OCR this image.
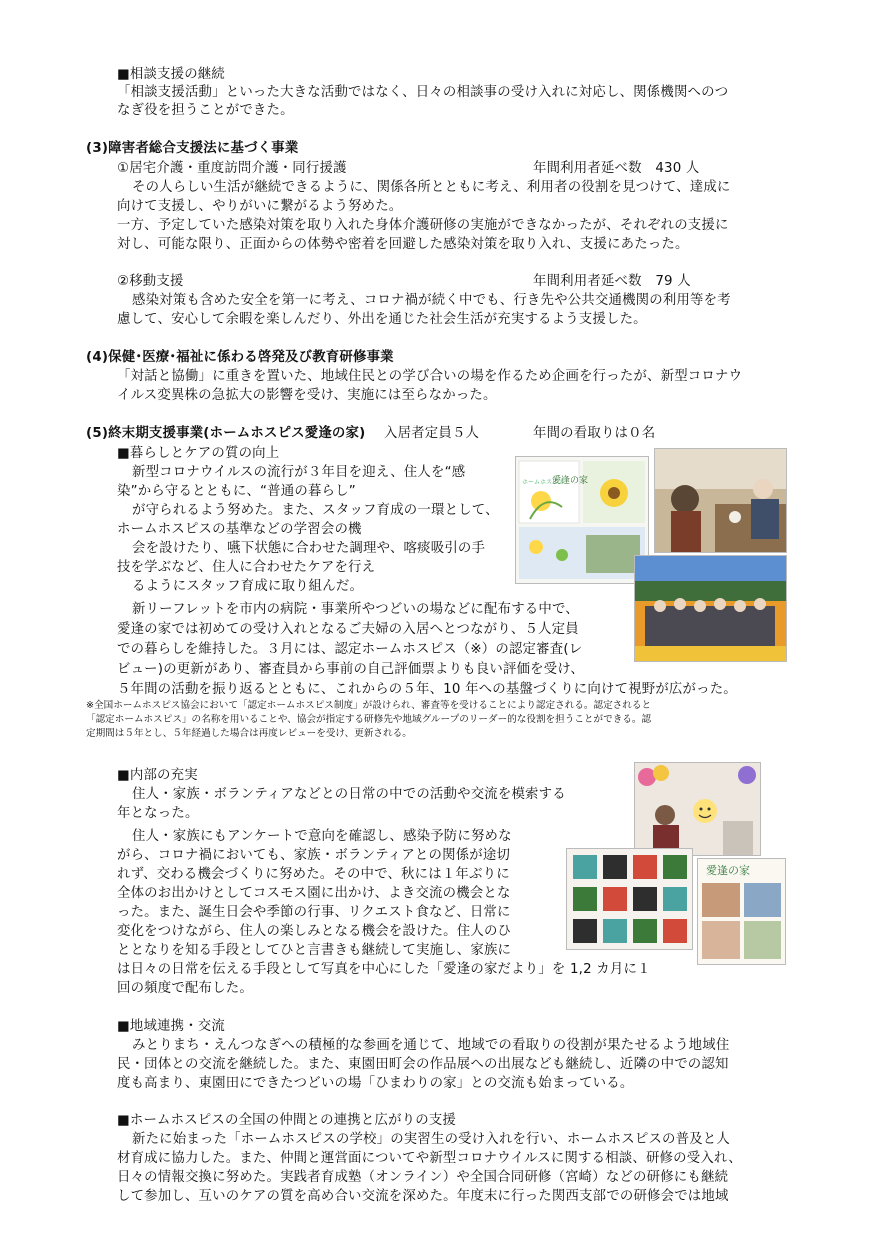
■相談支援の継続
「相談支援活動」といった大きな活動ではなく、日々の相談事の受け入れに対応し、関係機関へのつ
なぎ役を担うことができた。
(3)障害者総合支援法に基づく事業
①居宅介護・重度訪問介護・同行援護	年間利用者延べ数　430 人
その人らしい生活が継続できるように、関係各所とともに考え、利用者の役割を見つけて、達成に
向けて支援し、やりがいに繋がるよう努めた。
一方、予定していた感染対策を取り入れた身体介護研修の実施ができなかったが、それぞれの支援に
対し、可能な限り、正面からの体勢や密着を回避した感染対策を取り入れ、支援にあたった。
②移動支援	年間利用者延べ数　79 人
感染対策も含めた安全を第一に考え、コロナ禍が続く中でも、行き先や公共交通機関の利用等を考
慮して、安心して余暇を楽しんだり、外出を通じた社会生活が充実するよう支援した。
(4)保健･医療･福祉に係わる啓発及び教育研修事業
「対話と協働」に重きを置いた、地域住民との学び合いの場を作るため企画を行ったが、新型コロナウ
イルス変異株の急拡大の影響を受け、実施には至らなかった。
(5)終末期支援事業(ホームホスピス愛逢の家) 入居者定員５人	年間の看取りは０名
■暮らしとケアの質の向上
新型コロナウイルスの流行が３年目を迎え、住人を“感
染”から守るとともに、“普通の暮らし”
が守られるよう努めた。また、スタッフ育成の一環として、
ホームホスピスの基準などの学習会の機
会を設けたり、嚥下状態に合わせた調理や、喀痰吸引の手
技を学ぶなど、住人に合わせたケアを行え
るようにスタッフ育成に取り組んだ。
新リーフレットを市内の病院・事業所やつどいの場などに配布する中で、
愛逢の家では初めての受け入れとなるご夫婦の入居へとつながり、５人定員
での暮らしを維持した。３月には、認定ホームホスピス（※）の認定審査(レ
ビュー)の更新があり、審査員から事前の自己評価票よりも良い評価を受け、
５年間の活動を振り返るとともに、これからの５年、10 年への基盤づくりに向けて視野が広がった。
※全国ホームホスピス協会において「認定ホームホスピス制度」が設けられ、審査等を受けることにより認定される。認定されると
「認定ホームホスピス」の名称を用いることや、協会が指定する研修先や地域グループのリーダー的な役割を担うことができる。認
定期間は５年とし、５年経過した場合は再度レビューを受け、更新される。
ホームホスピス
愛逢の家
■内部の充実
住人・家族・ボランティアなどとの日常の中での活動や交流を模索する
年となった。
住人・家族にもアンケートで意向を確認し、感染予防に努めな
がら、コロナ禍においても、家族・ボランティアとの関係が途切
れず、交わる機会づくりに努めた。その中で、秋には１年ぶりに
全体のお出かけとしてコスモス園に出かけ、よき交流の機会とな
った。また、誕生日会や季節の行事、リクエスト食など、日常に
変化をつけながら、住人の楽しみとなる機会を設けた。住人のひ
ととなりを知る手段としてひと言書きも継続して実施し、家族に
は日々の日常を伝える手段として写真を中心にした「愛逢の家だより」を 1,2 カ月に１
回の頻度で配布した。
愛逢の家
■地域連携・交流
みとりまち・えんつなぎへの積極的な参画を通じて、地域での看取りの役割が果たせるよう地域住
民・団体との交流を継続した。また、東園田町会の作品展への出展なども継続し、近隣の中での認知
度も高まり、東園田にできたつどいの場「ひまわりの家」との交流も始まっている。
■ホームホスピスの全国の仲間との連携と広がりの支援
新たに始まった「ホームホスピスの学校」の実習生の受け入れを行い、ホームホスピスの普及と人
材育成に協力した。また、仲間と運営面についてや新型コロナウイルスに関する相談、研修の受入れ、
日々の情報交換に努めた。実践者育成塾（オンライン）や全国合同研修（宮崎）などの研修にも継続
して参加し、互いのケアの質を高め合い交流を深めた。年度末に行った関西支部での研修会では地域
